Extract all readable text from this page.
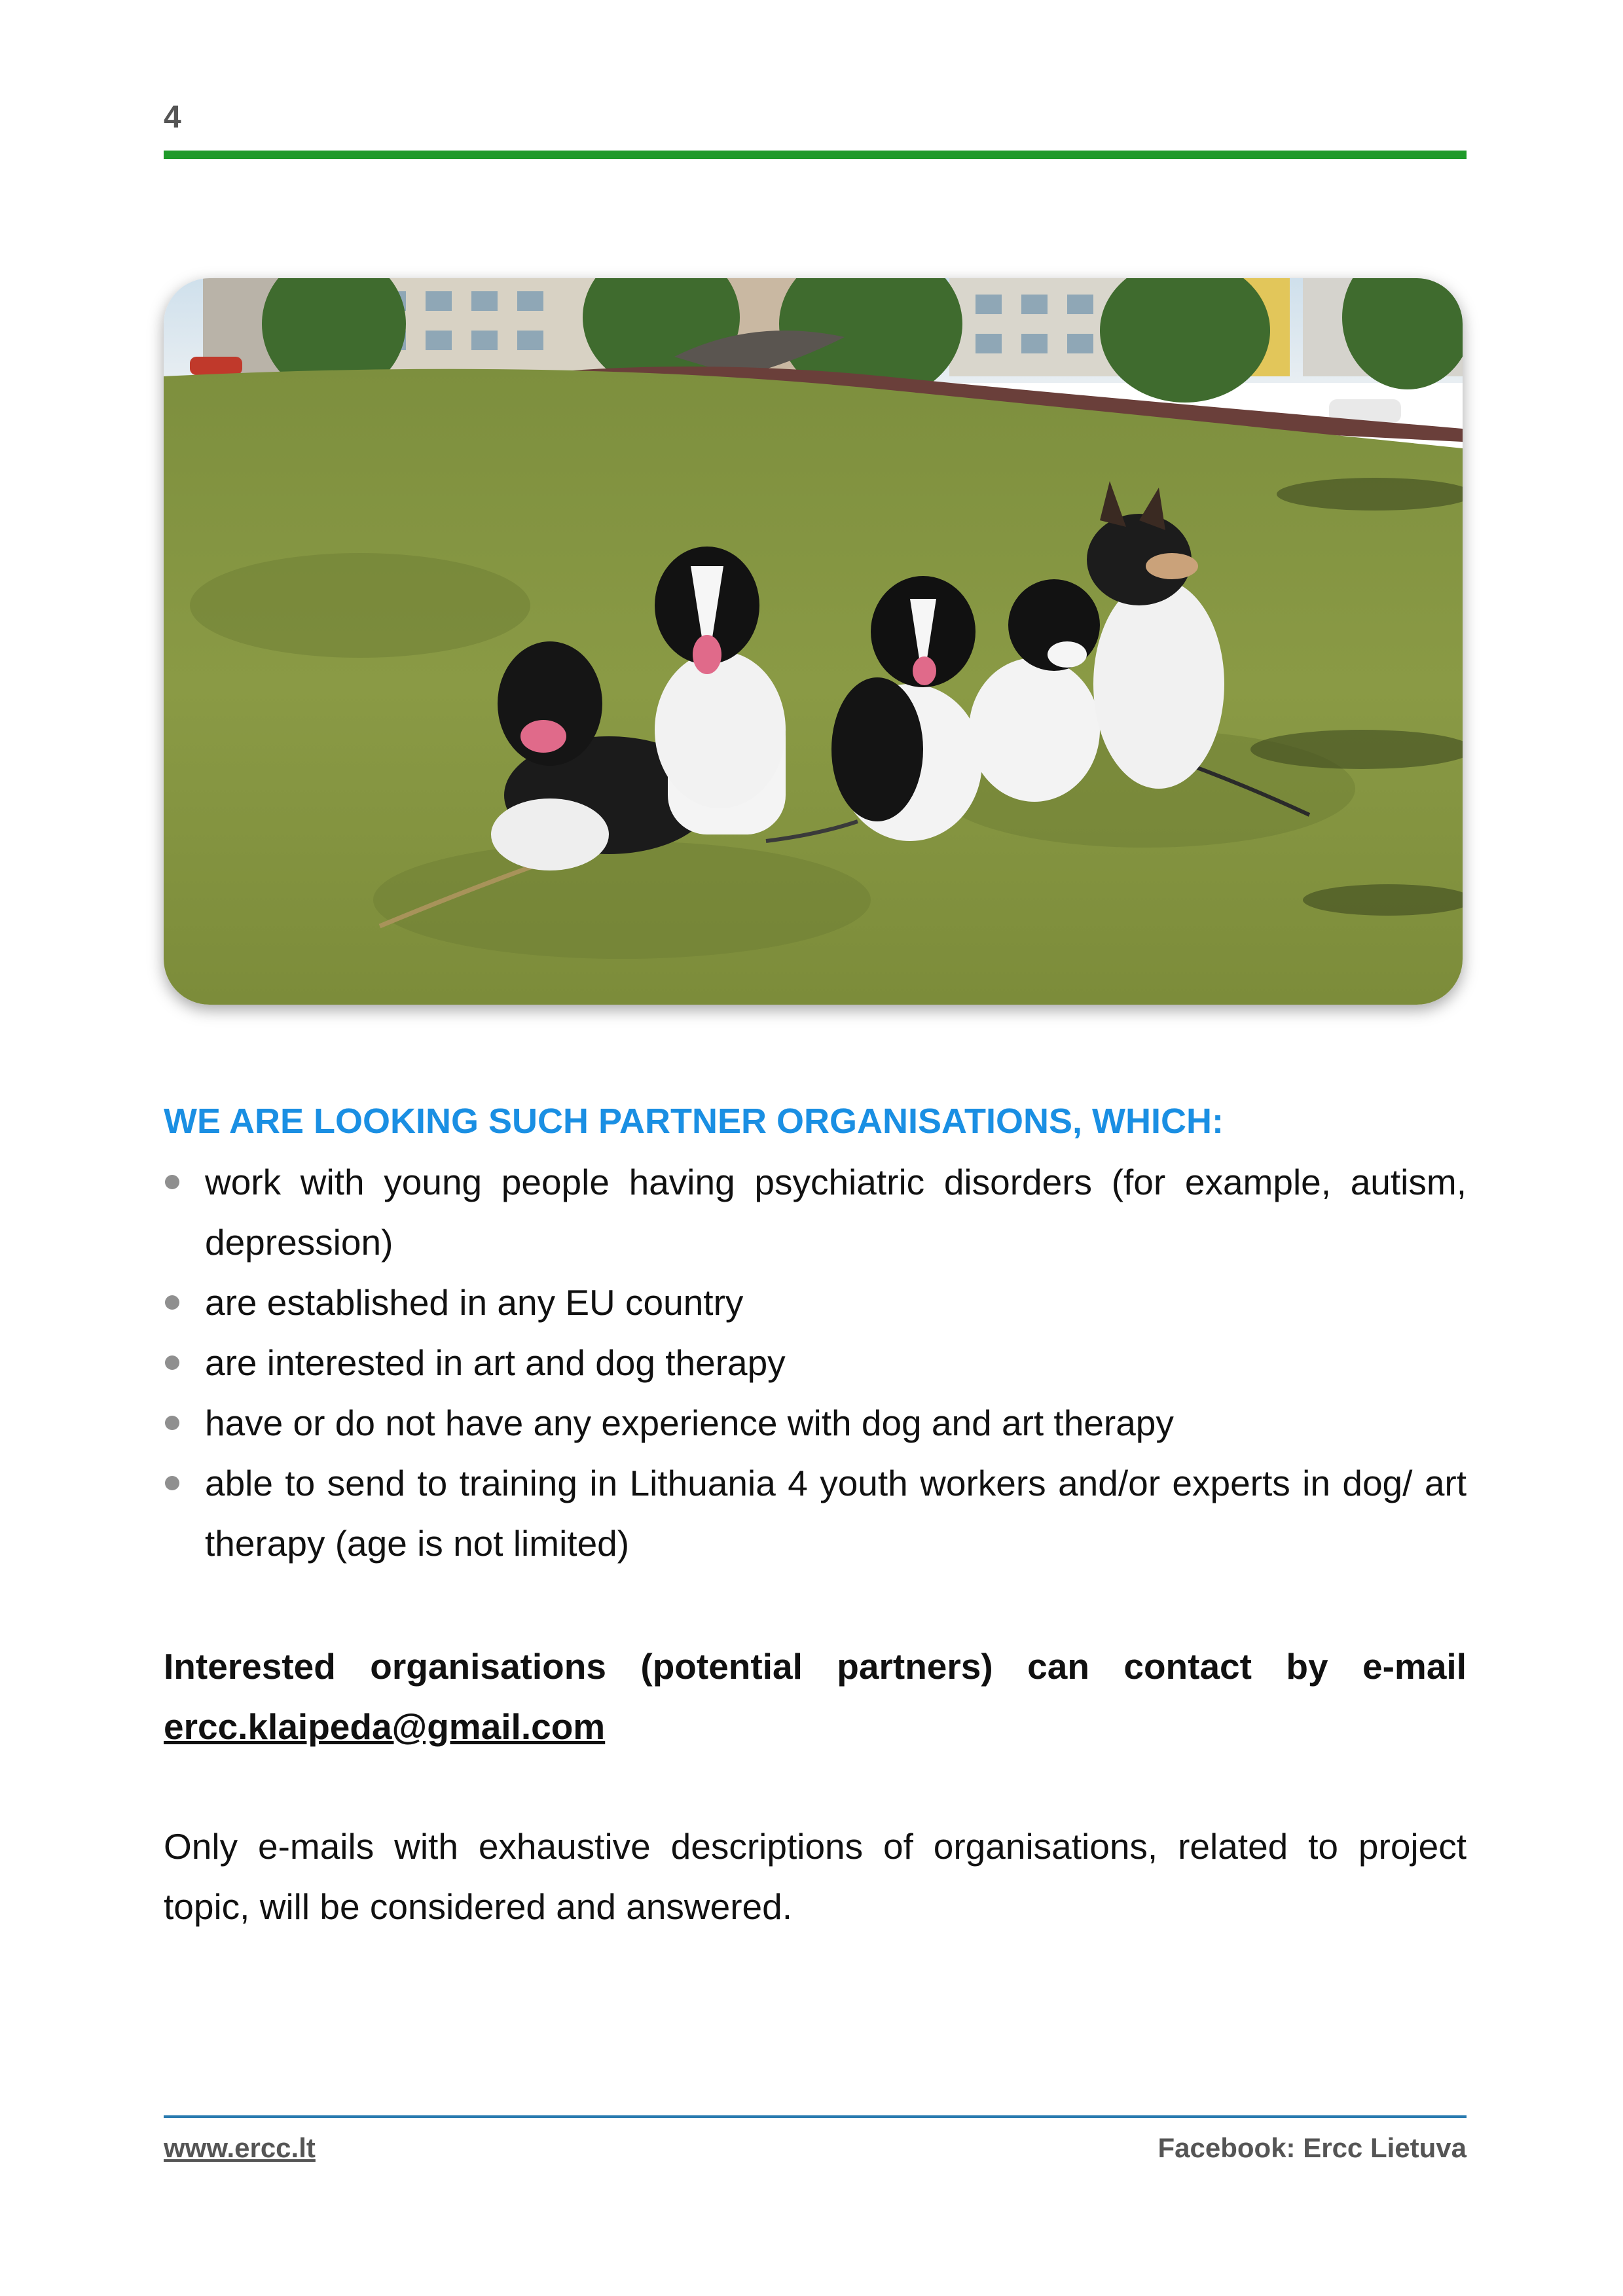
4
WE ARE LOOKING SUCH PARTNER ORGANISATIONS, WHICH:
work with young people having psychiatric disorders (for example, autism, depression)
are established in any EU country
are interested in art and dog therapy
have or do not have any experience with dog and art therapy
able to send to training in Lithuania 4 youth workers and/or experts in dog/ art therapy (age is not limited)
Interested organisations (potential partners) can contact by e-mail
ercc.klaipeda@gmail.com
Only e-mails with exhaustive descriptions of organisations, related to project topic, will be considered and answered.
www.ercc.lt	Facebook: Ercc Lietuva
